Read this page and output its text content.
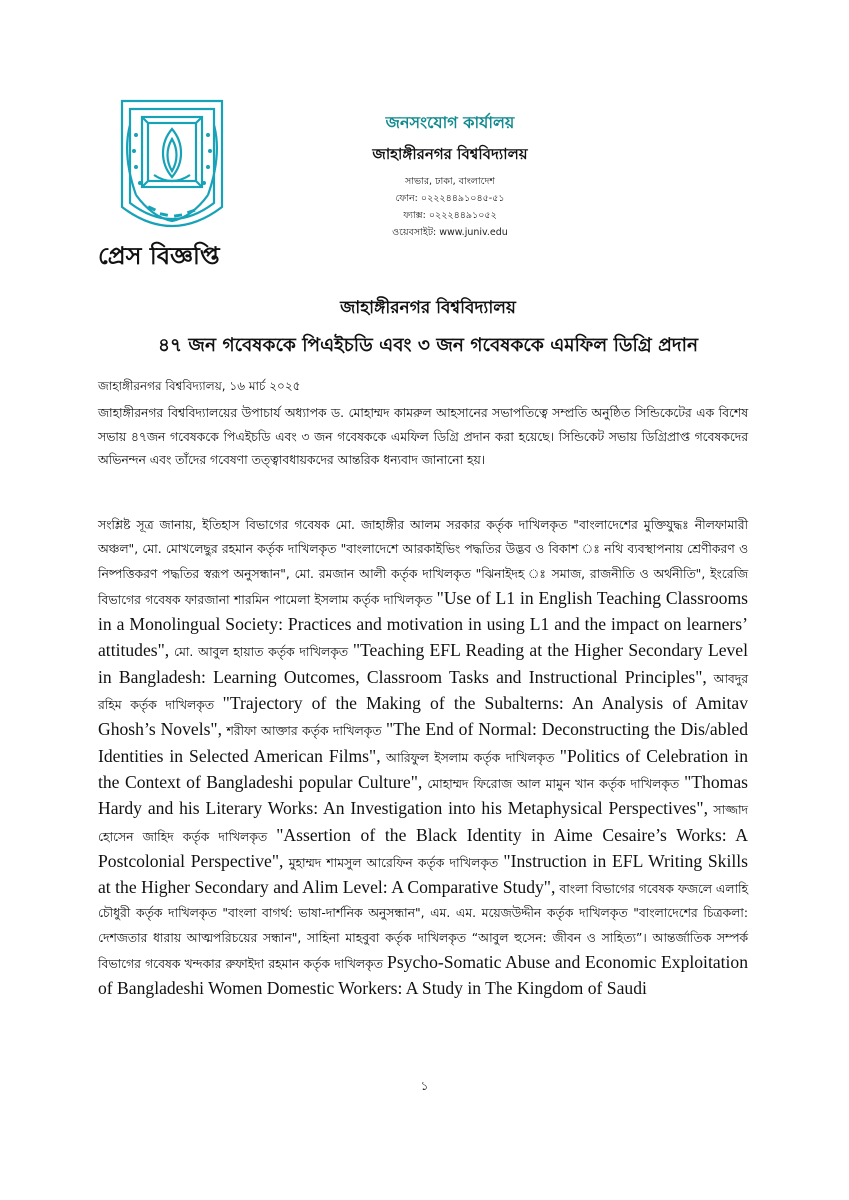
জনসংযোগ কার্যালয়

জাহাঙ্গীরনগর বিশ্ববিদ্যালয়

সাভার, ঢাকা, বাংলাদেশ

ফোন: ০২২২৪৪৯১০৪৫-৫১

ফ্যাক্স: ০২২২৪৪৯১০৫২

ওয়েবসাইট: www.juniv.edu

প্রেস বিজ্ঞপ্তি

জাহাঙ্গীরনগর বিশ্ববিদ্যালয়

৪৭ জন গবেষককে পিএইচডি এবং ৩ জন গবেষককে এমফিল ডিগ্রি প্রদান

জাহাঙ্গীরনগর বিশ্ববিদ্যালয়, ১৬ মার্চ ২০২৫

জাহাঙ্গীরনগর বিশ্ববিদ্যালয়ের উপাচার্য অধ্যাপক ড. মোহাম্মদ কামরুল আহসানের সভাপতিত্বে সম্প্রতি অনুষ্ঠিত সিন্ডিকেটের এক বিশেষ সভায় ৪৭জন গবেষককে পিএইচডি এবং ৩ জন গবেষককে এমফিল ডিগ্রি প্রদান করা হয়েছে। সিন্ডিকেট সভায় ডিগ্রিপ্রাপ্ত গবেষকদের অভিনন্দন এবং তাঁদের গবেষণা তত্ত্বাবধায়কদের আন্তরিক ধন্যবাদ জানানো হয়।

সংশ্লিষ্ট সূত্র জানায়, ইতিহাস বিভাগের গবেষক মো. জাহাঙ্গীর আলম সরকার কর্তৃক দাখিলকৃত "বাংলাদেশের মুক্তিযুদ্ধঃ নীলফামারী অঞ্চল", মো. মোখলেছুর রহমান কর্তৃক দাখিলকৃত "বাংলাদেশে আরকাইভিং পদ্ধতির উদ্ভব ও বিকাশ ঃ নথি ব্যবস্থাপনায় শ্রেণীকরণ ও নিষ্পত্তিকরণ পদ্ধতির স্বরূপ অনুসন্ধান", মো. রমজান আলী কর্তৃক দাখিলকৃত "ঝিনাইদহ ঃ সমাজ, রাজনীতি ও অর্থনীতি", ইংরেজি বিভাগের গবেষক ফারজানা শারমিন পামেলা ইসলাম কর্তৃক দাখিলকৃত "Use of L1 in English Teaching Classrooms in a Monolingual Society: Practices and motivation in using L1 and the impact on learners’ attitudes", মো. আবুল হায়াত কর্তৃক দাখিলকৃত "Teaching EFL Reading at the Higher Secondary Level in Bangladesh: Learning Outcomes, Classroom Tasks and Instructional Principles", আবদুর রহিম কর্তৃক দাখিলকৃত "Trajectory of the Making of the Subalterns: An Analysis of Amitav Ghosh’s Novels", শরীফা আক্তার কর্তৃক দাখিলকৃত "The End of Normal: Deconstructing the Dis/abled Identities in Selected American Films", আরিফুল ইসলাম কর্তৃক দাখিলকৃত "Politics of Celebration in the Context of Bangladeshi popular Culture", মোহাম্মদ ফিরোজ আল মামুন খান কর্তৃক দাখিলকৃত "Thomas Hardy and his Literary Works: An Investigation into his Metaphysical Perspectives", সাজ্জাদ হোসেন জাহিদ কর্তৃক দাখিলকৃত "Assertion of the Black Identity in Aime Cesaire’s Works: A Postcolonial Perspective", মুহাম্মদ শামসুল আরেফিন কর্তৃক দাখিলকৃত "Instruction in EFL Writing Skills at the Higher Secondary and Alim Level: A Comparative Study", বাংলা বিভাগের গবেষক ফজলে এলাহি চৌধুরী কর্তৃক দাখিলকৃত "বাংলা বাগর্থ: ভাষা-দার্শনিক অনুসন্ধান", এম. এম. ময়েজউদ্দীন কর্তৃক দাখিলকৃত "বাংলাদেশের চিত্রকলা: দেশজতার ধারায় আত্মপরিচয়ের সন্ধান", সাহিনা মাহবুবা কর্তৃক দাখিলকৃত “আবুল হুসেন: জীবন ও সাহিত্য”। আন্তর্জাতিক সম্পর্ক বিভাগের গবেষক খন্দকার রুফাইদা রহমান কর্তৃক দাখিলকৃত Psycho-Somatic Abuse and Economic Exploitation of Bangladeshi Women Domestic Workers: A Study in The Kingdom of Saudi

১
